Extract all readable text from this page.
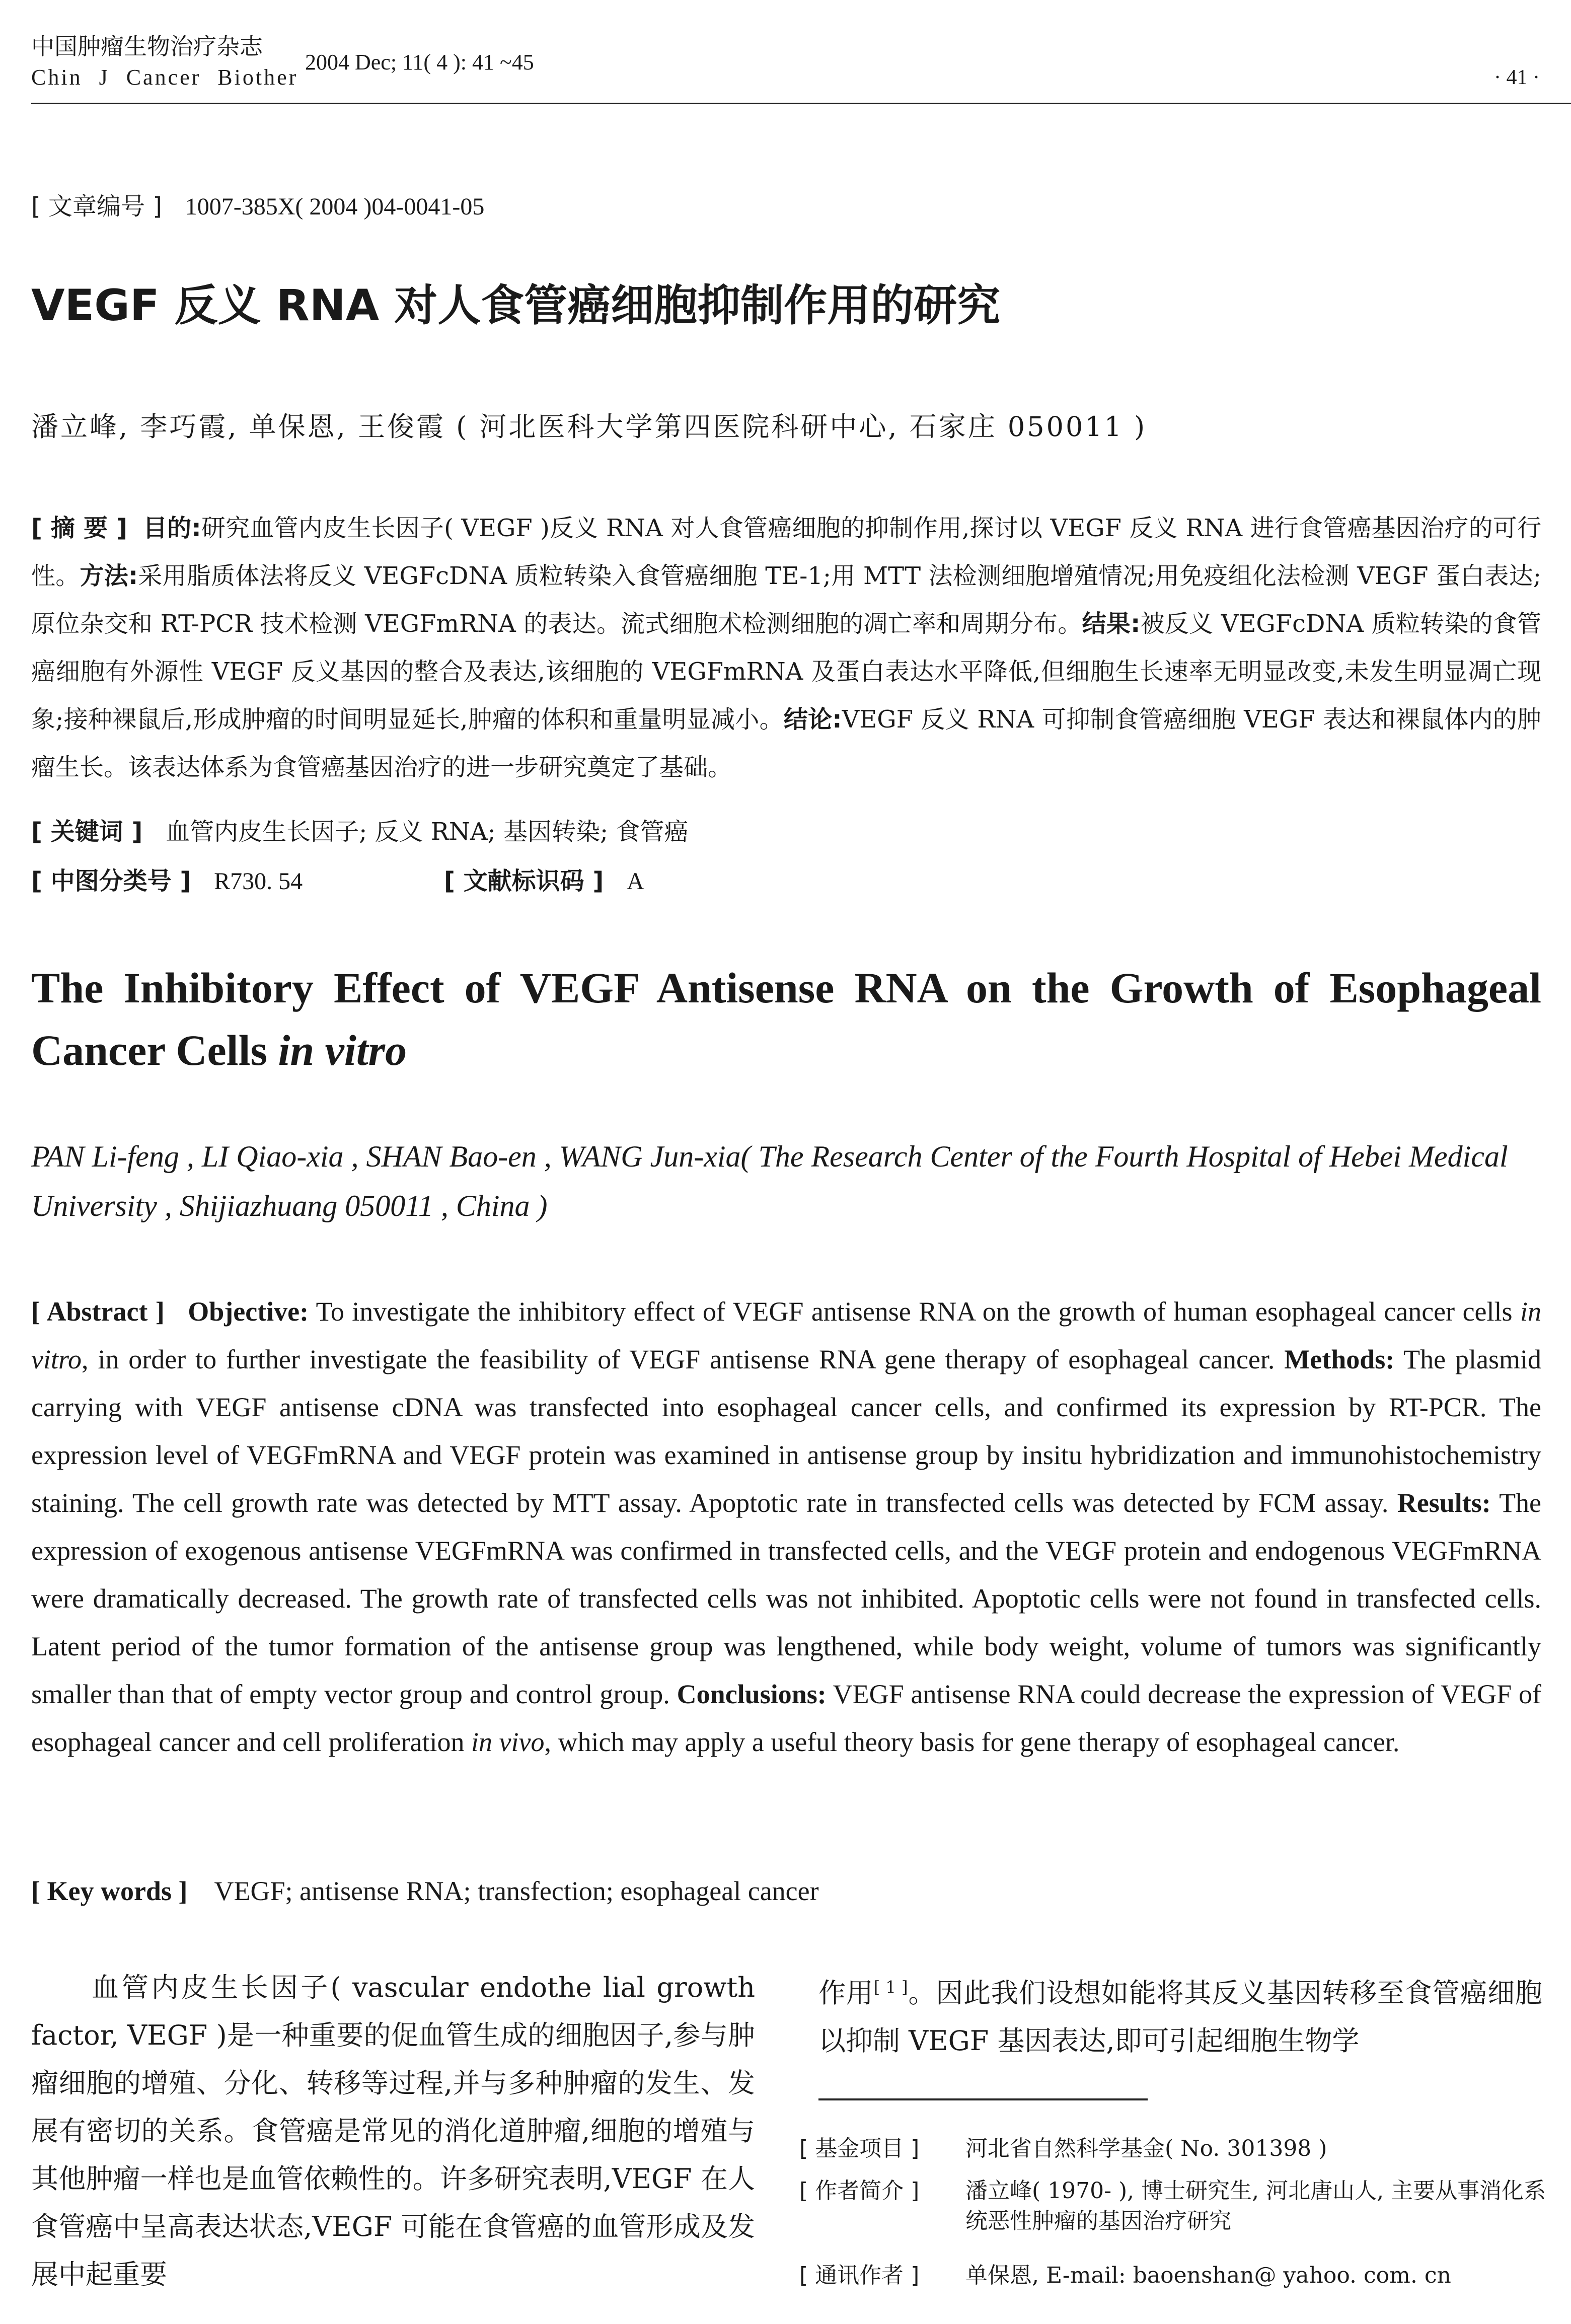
中国肿瘤生物治疗杂志
Chin J Cancer Biother
2004 Dec; 11( 4 ): 41 ~45
· 41 ·
[ 文章编号 ] 1007-385X( 2004 )04-0041-05
VEGF 反义 RNA 对人食管癌细胞抑制作用的研究
潘立峰, 李巧霞, 单保恩, 王俊霞 ( 河北医科大学第四医院科研中心, 石家庄 050011 )
[ 摘 要 ] 目的:研究血管内皮生长因子( VEGF )反义 RNA 对人食管癌细胞的抑制作用,探讨以 VEGF 反义 RNA 进行食管癌基因治疗的可行性。方法:采用脂质体法将反义 VEGFcDNA 质粒转染入食管癌细胞 TE-1;用 MTT 法检测细胞增殖情况;用免疫组化法检测 VEGF 蛋白表达;原位杂交和 RT-PCR 技术检测 VEGFmRNA 的表达。流式细胞术检测细胞的凋亡率和周期分布。结果:被反义 VEGFcDNA 质粒转染的食管癌细胞有外源性 VEGF 反义基因的整合及表达,该细胞的 VEGFmRNA 及蛋白表达水平降低,但细胞生长速率无明显改变,未发生明显凋亡现象;接种裸鼠后,形成肿瘤的时间明显延长,肿瘤的体积和重量明显减小。结论:VEGF 反义 RNA 可抑制食管癌细胞 VEGF 表达和裸鼠体内的肿瘤生长。该表达体系为食管癌基因治疗的进一步研究奠定了基础。
[ 关键词 ] 血管内皮生长因子; 反义 RNA; 基因转染; 食管癌
[ 中图分类号 ] R730. 54	[ 文献标识码 ] A
The Inhibitory Effect of VEGF Antisense RNA on the Growth of Esophageal Cancer Cells in vitro
PAN Li-feng , LI Qiao-xia , SHAN Bao-en , WANG Jun-xia( The Research Center of the Fourth Hospital of Hebei Medical University , Shijiazhuang 050011 , China )
[ Abstract ] Objective: To investigate the inhibitory effect of VEGF antisense RNA on the growth of human esophageal cancer cells in vitro, in order to further investigate the feasibility of VEGF antisense RNA gene therapy of esophageal cancer. Methods: The plasmid carrying with VEGF antisense cDNA was transfected into esophageal cancer cells, and confirmed its expression by RT-PCR. The expression level of VEGFmRNA and VEGF protein was examined in antisense group by insitu hybridization and immunohistochemistry staining. The cell growth rate was detected by MTT assay. Apoptotic rate in transfected cells was detected by FCM assay. Results: The expression of exogenous antisense VEGFmRNA was confirmed in transfected cells, and the VEGF protein and endogenous VEGFmRNA were dramatically decreased. The growth rate of transfected cells was not inhibited. Apoptotic cells were not found in transfected cells. Latent period of the tumor formation of the antisense group was lengthened, while body weight, volume of tumors was significantly smaller than that of empty vector group and control group. Conclusions: VEGF antisense RNA could decrease the expression of VEGF of esophageal cancer and cell proliferation in vivo, which may apply a useful theory basis for gene therapy of esophageal cancer.
[ Key words ] VEGF; antisense RNA; transfection; esophageal cancer
血管内皮生长因子( vascular endothe lial growth factor, VEGF )是一种重要的促血管生成的细胞因子,参与肿瘤细胞的增殖、分化、转移等过程,并与多种肿瘤的发生、发展有密切的关系。食管癌是常见的消化道肿瘤,细胞的增殖与其他肿瘤一样也是血管依赖性的。许多研究表明,VEGF 在人食管癌中呈高表达状态,VEGF 可能在食管癌的血管形成及发展中起重要
作用[ 1 ]。因此我们设想如能将其反义基因转移至食管癌细胞以抑制 VEGF 基因表达,即可引起细胞生物学
[ 基金项目 ] 河北省自然科学基金( No. 301398 )
[ 作者简介 ] 潘立峰( 1970- ), 博士研究生, 河北唐山人, 主要从事消化系统恶性肿瘤的基因治疗研究
[ 通讯作者 ] 单保恩, E-mail: baoenshan@ yahoo. com. cn
